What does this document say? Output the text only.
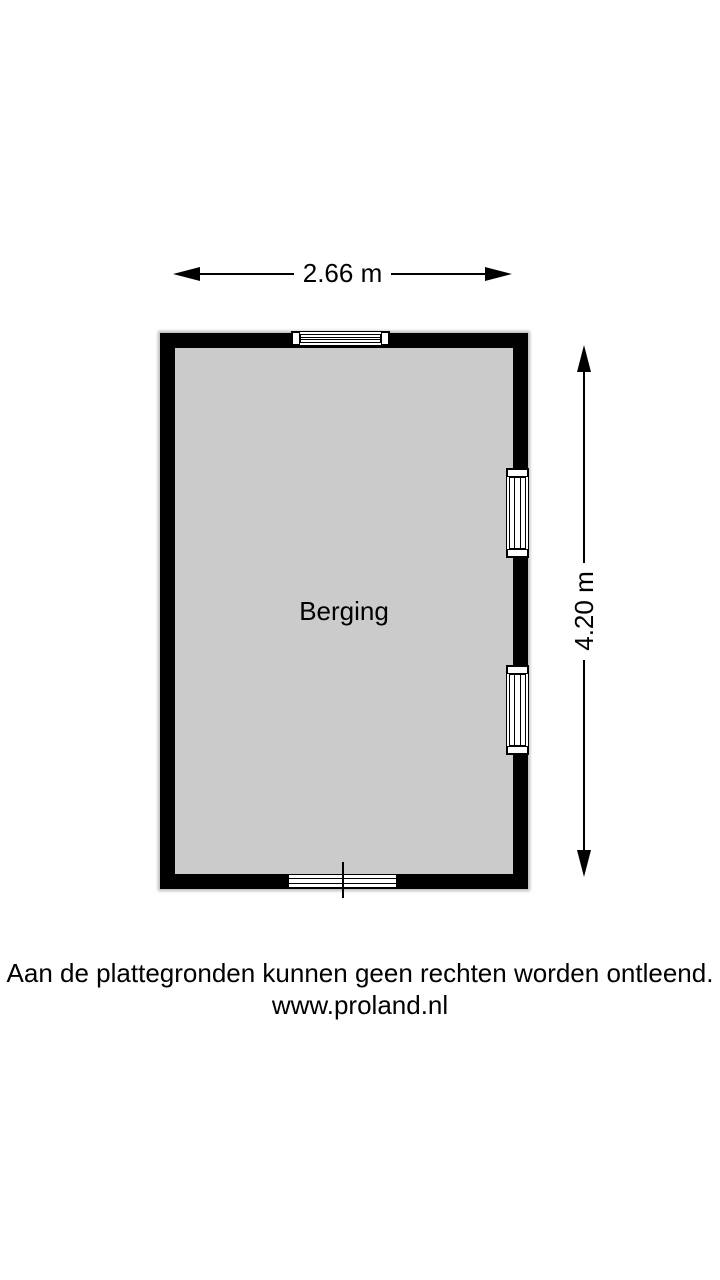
2.66 m
Berging	4.20 m
Aan de plattegronden kunnen geen rechten worden ontleend.
www.proland.nl
